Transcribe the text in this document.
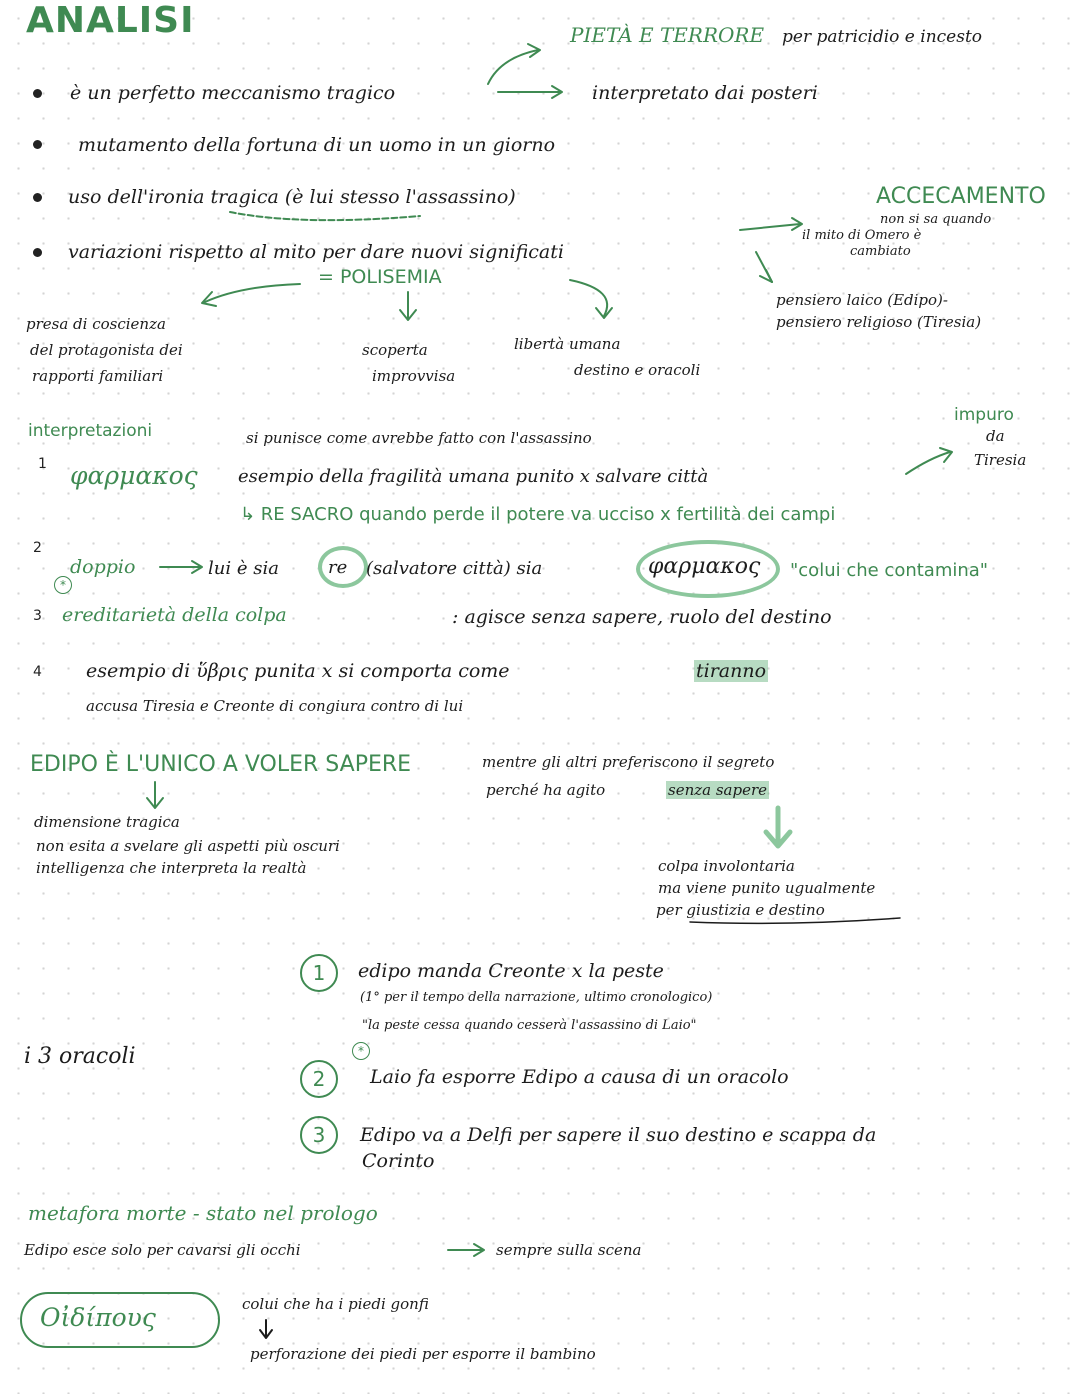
ANALISI	PIETÀ E TERRORE per patricidio e incesto
interpretato dai posteri
è un perfetto meccanismo tragico
mutamento della fortuna di un uomo in un giorno
uso dell'ironia tragica (è lui stesso l'assassino)
variazioni rispetto al mito per dare nuovi significati
ACCECAMENTO
non si sa quando
il mito di Omero è
cambiato
pensiero laico (Edipo)-
pensiero religioso (Tiresia)
= POLISEMIA
presa di coscienza
del protagonista dei
rapporti familiari
scoperta
improvvisa
libertà umana
destino e oracoli
interpretazioni	si punisce come avrebbe fatto con l'assassino
impuro
da
Tiresia
1 φαρμακος esempio della fragilità umana punito x salvare città
↳ RE SACRO quando perde il potere va ucciso x fertilità dei campi
2
*
doppio	lui è sia	re (salvatore città) sia	φαρμακος "colui che contamina"
3 ereditarietà della colpa	: agisce senza sapere, ruolo del destino
4 esempio di ὕβρις punita x si comporta come	tiranno
accusa Tiresia e Creonte di congiura contro di lui
EDIPO È L'UNICO A VOLER SAPERE	mentre gli altri preferiscono il segreto
perché ha agito	senza sapere
dimensione tragica
non esita a svelare gli aspetti più oscuri
intelligenza che interpreta la realtà	colpa involontaria
ma viene punito ugualmente
per giustizia e destino
i 3 oracoli
1	edipo manda Creonte x la peste
(1° per il tempo della narrazione, ultimo cronologico)
"la peste cessa quando cesserà l'assassino di Laio"
2
*
Laio fa esporre Edipo a causa di un oracolo
3	Edipo va a Delfi per sapere il suo destino e scappa da
Corinto
metafora morte - stato nel prologo
Edipo esce solo per cavarsi gli occhi	sempre sulla scena
Oἰδίπους	colui che ha i piedi gonfi
perforazione dei piedi per esporre il bambino
